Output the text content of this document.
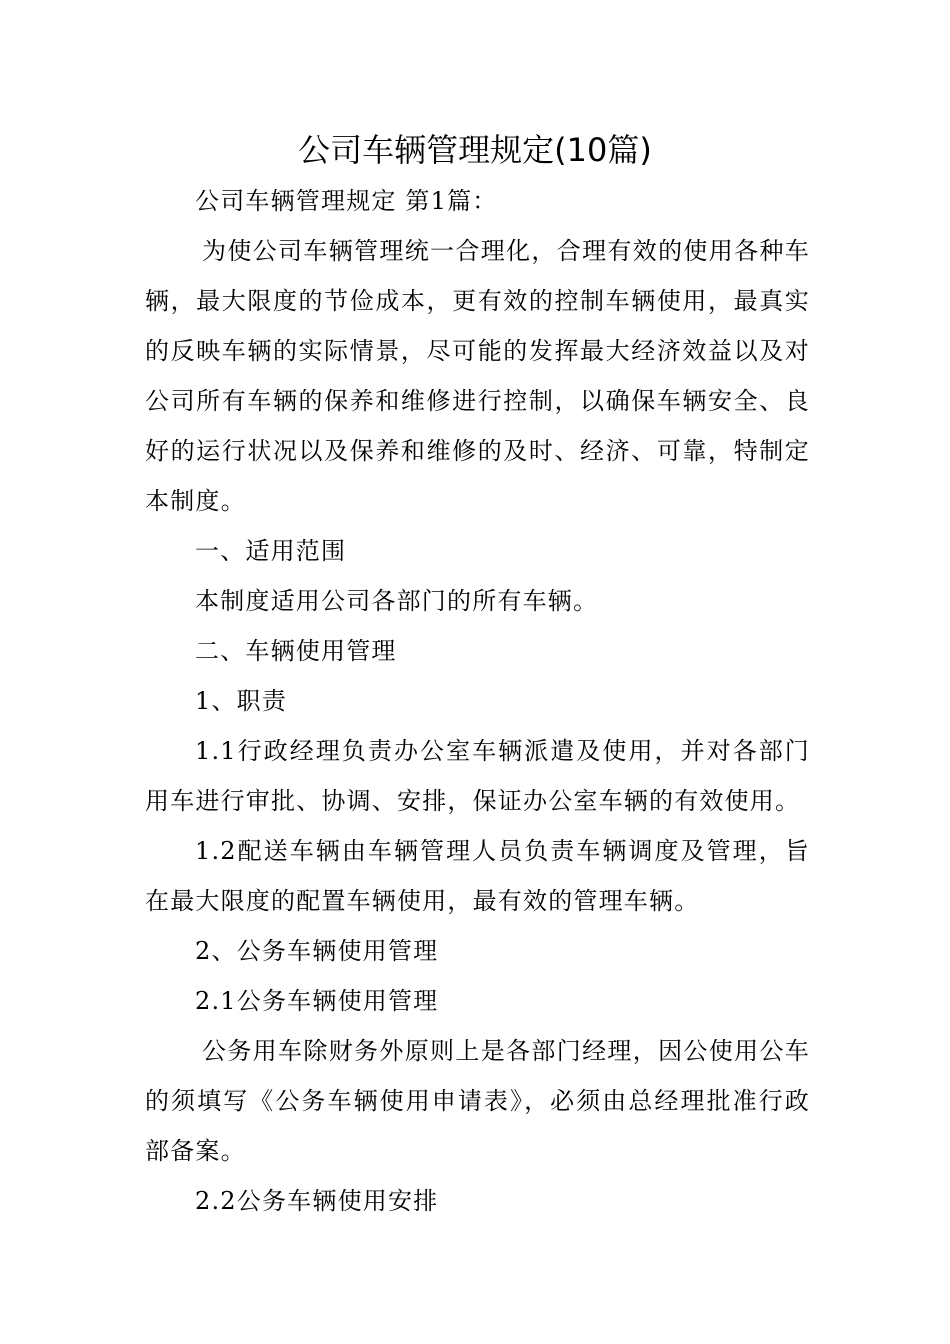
公司车辆管理规定(10篇)

公司车辆管理规定 第1篇：

为使公司车辆管理统一合理化，合理有效的使用各种车辆，最大限度的节俭成本，更有效的控制车辆使用，最真实的反映车辆的实际情景，尽可能的发挥最大经济效益以及对公司所有车辆的保养和维修进行控制，以确保车辆安全、良好的运行状况以及保养和维修的及时、经济、可靠，特制定本制度。

一、适用范围

本制度适用公司各部门的所有车辆。

二、车辆使用管理

1、职责

1.1行政经理负责办公室车辆派遣及使用，并对各部门用车进行审批、协调、安排，保证办公室车辆的有效使用。

1.2配送车辆由车辆管理人员负责车辆调度及管理，旨在最大限度的配置车辆使用，最有效的管理车辆。

2、公务车辆使用管理

2.1公务车辆使用管理

公务用车除财务外原则上是各部门经理，因公使用公车的须填写《公务车辆使用申请表》，必须由总经理批准行政部备案。

2.2公务车辆使用安排
